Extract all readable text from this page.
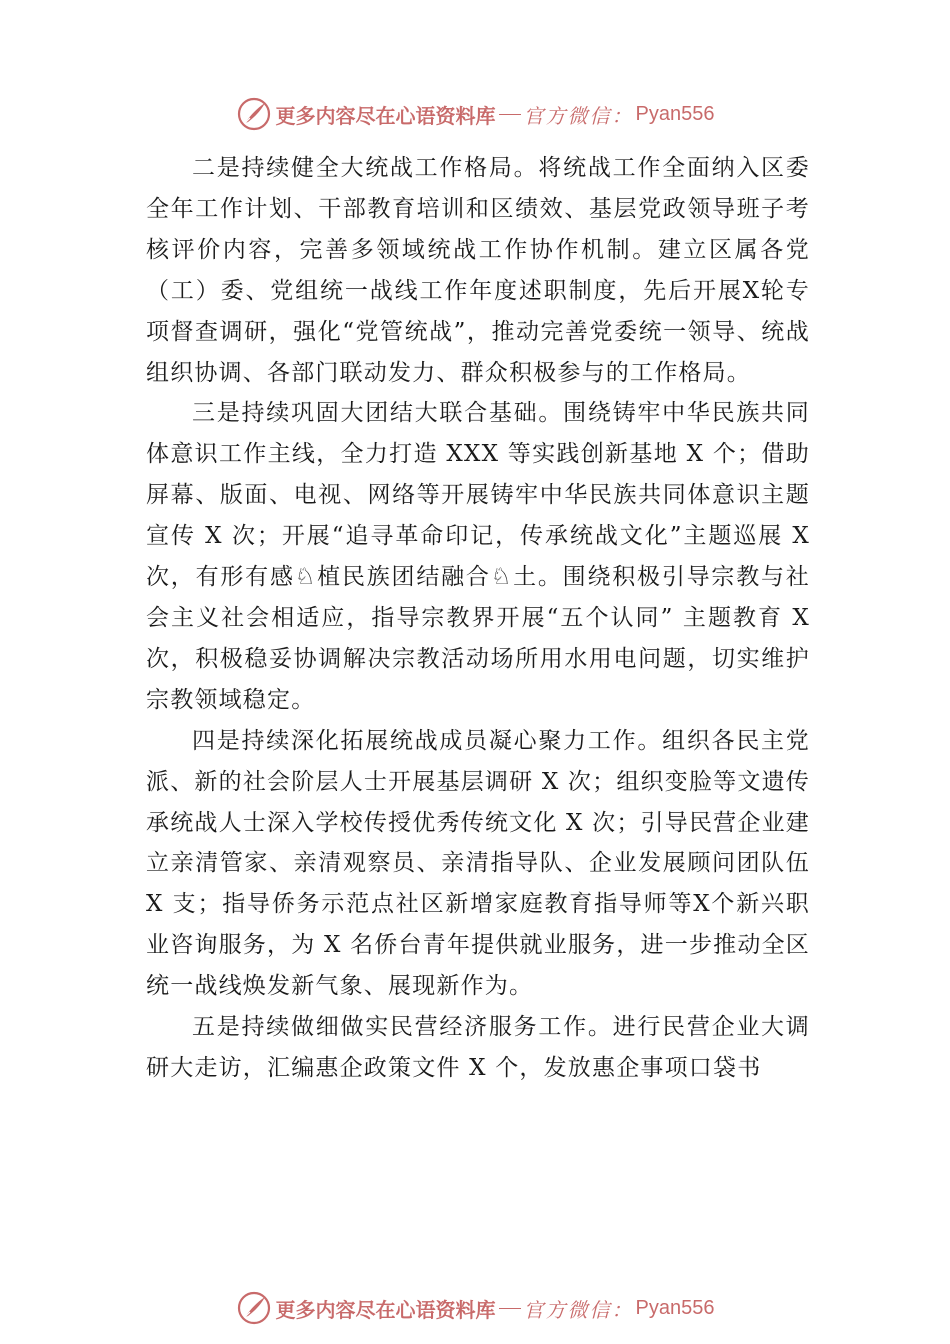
更多内容尽在心语资料库 官方微信： Pyan556

二是持续健全大统战工作格局。将统战工作全面纳入区委全年工作计划、干部教育培训和区绩效、基层党政领导班子考核评价内容，完善多领域统战工作协作机制。建立区属各党（工）委、党组统一战线工作年度述职制度，先后开展X轮专项督查调研，强化“党管统战”，推动完善党委统一领导、统战组织协调、各部门联动发力、群众积极参与的工作格局。

三是持续巩固大团结大联合基础。围绕铸牢中华民族共同体意识工作主线，全力打造 XXX 等实践创新基地 X 个；借助屏幕、版面、电视、网络等开展铸牢中华民族共同体意识主题宣传 X 次；开展“追寻革命印记，传承统战文化”主题巡展 X 次，有形有感♘植民族团结融合♘土。围绕积极引导宗教与社会主义社会相适应，指导宗教界开展“五个认同” 主题教育 X 次，积极稳妥协调解决宗教活动场所用水用电问题，切实维护宗教领域稳定。

四是持续深化拓展统战成员凝心聚力工作。组织各民主党派、新的社会阶层人士开展基层调研 X 次；组织变脸等文遗传承统战人士深入学校传授优秀传统文化 X 次；引导民营企业建立亲清管家、亲清观察员、亲清指导队、企业发展顾问团队伍 X 支；指导侨务示范点社区新增家庭教育指导师等X个新兴职业咨询服务，为 X 名侨台青年提供就业服务，进一步推动全区统一战线焕发新气象、展现新作为。

五是持续做细做实民营经济服务工作。进行民营企业大调研大走访，汇编惠企政策文件 X 个，发放惠企事项口袋书

更多内容尽在心语资料库 官方微信： Pyan556
